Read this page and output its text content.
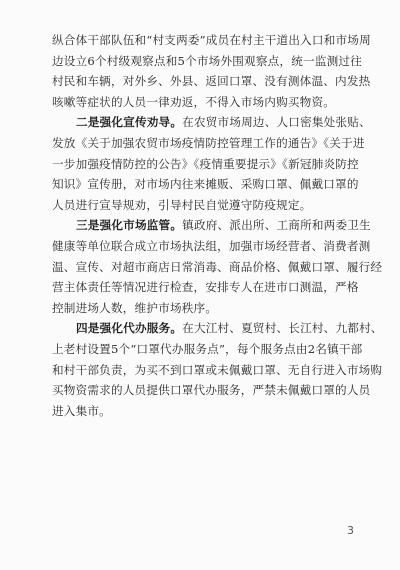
纵合体干部队伍和“村支两委”成员在村主干道出入口和市场周
边设立6个村级观察点和5个市场外围观察点，统一监测过往
村民和车辆，对外乡、外县、返回口罩、没有测体温、内发热
咳嗽等症状的人员一律劝返，不得入市场内购买物资。
二是强化宣传劝导。在农贸市场周边、人口密集处张贴、
发放《关于加强农贸市场疫情防控管理工作的通告》《关于进
一步加强疫情防控的公告》《疫情重要提示》《新冠肺炎防控
知识》宣传册，对市场内往来摊贩、采购口罩、佩戴口罩的
人员进行宣导规劝，引导村民自觉遵守防疫规定。
三是强化市场监管。镇政府、派出所、工商所和两委卫生
健康等单位联合成立市场执法组，加强市场经营者、消费者测
温、宣传、对超市商店日常消毒、商品价格、佩戴口罩、履行经
营主体责任等情况进行检查，安排专人在进市口测温，严格
控制进场人数，维护市场秩序。
四是强化代办服务。在大江村、夏贸村、长江村、九都村、
上老村设置5个“口罩代办服务点”，每个服务点由2名镇干部
和村干部负责，为买不到口罩或未佩戴口罩、无自行进入市场购
买物资需求的人员提供口罩代办服务，严禁未佩戴口罩的人员
进入集市。
3
